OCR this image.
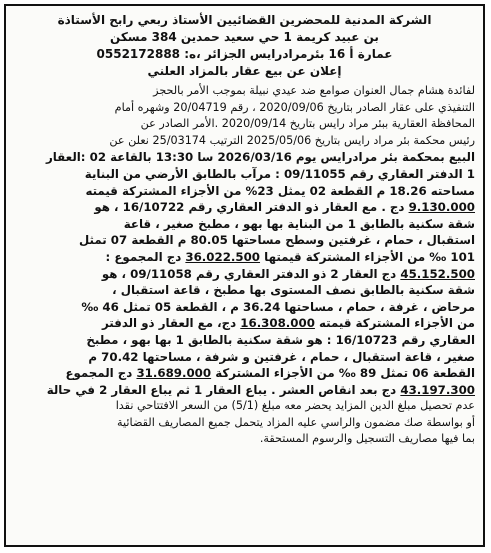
الشركة المدنية للمحضرين القضائيين الأستاذ ربعي رابح الأستاذة
بن عبيد كريمة 1 حي سعيد حمدين 384 مسكن
عمارة أ 16 بئرمرادرايس الجزائر ،ه: 0552172888
إعلان عن بيع عقار بالمزاد العلني
لفائدة هشام جمال العنوان صوامع ضد عيدي نبيلة بموجب الأمر بالحجز
التنفيذي على عقار الصادر بتاريخ 2020/09/06 ، رقم 20/04719 وشهره أمام
المحافظة العقارية ببئر مراد رايس بتاريخ 2020/09/14 .الأمر الصادر عن
رئيس محكمة بئر مراد رايس بتاريخ 2025/05/06 الترتيب 25/03174 نعلن عن
البيع بمحكمة بئر مرادرايس يوم 2026/03/16 سا 13:30 بالقاعة 02 :العقار
1 الدفتر العقاري رقم 09/11055 : مرآب بالطابق الأرضي من البناية
مساحته 18.26 م القطعة 02 يمثل 23% من الأجزاء المشتركة قيمته
9.130.000 دج . مع العقار ذو الدفتر العقاري رقم 16/10722 ، هو
شقة سكنية بالطابق 1 من البناية بها بهو ، مطبخ صغير ، قاعة
استقبال ، حمام ، غرفتين وسطح مساحتها 80.05 م القطعة 07 تمثل
101 ‰ من الأجزاء المشتركة قيمتها 36.022.500 دج المجموع :
45.152.500 دج العقار 2 ذو الدفتر العقاري رقم 09/11058 ، هو
شقة سكنية بالطابق نصف المستوى بها مطبخ ، قاعة استقبال ،
مرحاض ، غرفة ، حمام ، مساحتها 36.24 م ، القطعة 05 تمثل 46 ‰
من الأجزاء المشتركة قيمته 16.308.000 دج، مع العقار ذو الدفتر
العقاري رقم 16/10723 : هو شقة سكنية بالطابق 1 بها بهو ، مطبخ
صغير ، قاعة استقبال ، حمام ، غرفتين و شرفة ، مساحتها 70.42 م
القطعة 06 تمثل 89 ‰ من الأجزاء المشتركة 31.689.000 دج المجموع
43.197.300 دج بعد انقاص العشر . يباع العقار 1 ثم يباع العقار 2 في حالة
عدم تحصيل مبلغ الدين المزايد يحضر معه مبلغ (5/1) من السعر الافتتاحي نقدا
أو بواسطة صك مضمون والراسي عليه المزاد يتحمل جميع المصاريف القضائية
بما فيها مصاريف التسجيل والرسوم المستحقة.
